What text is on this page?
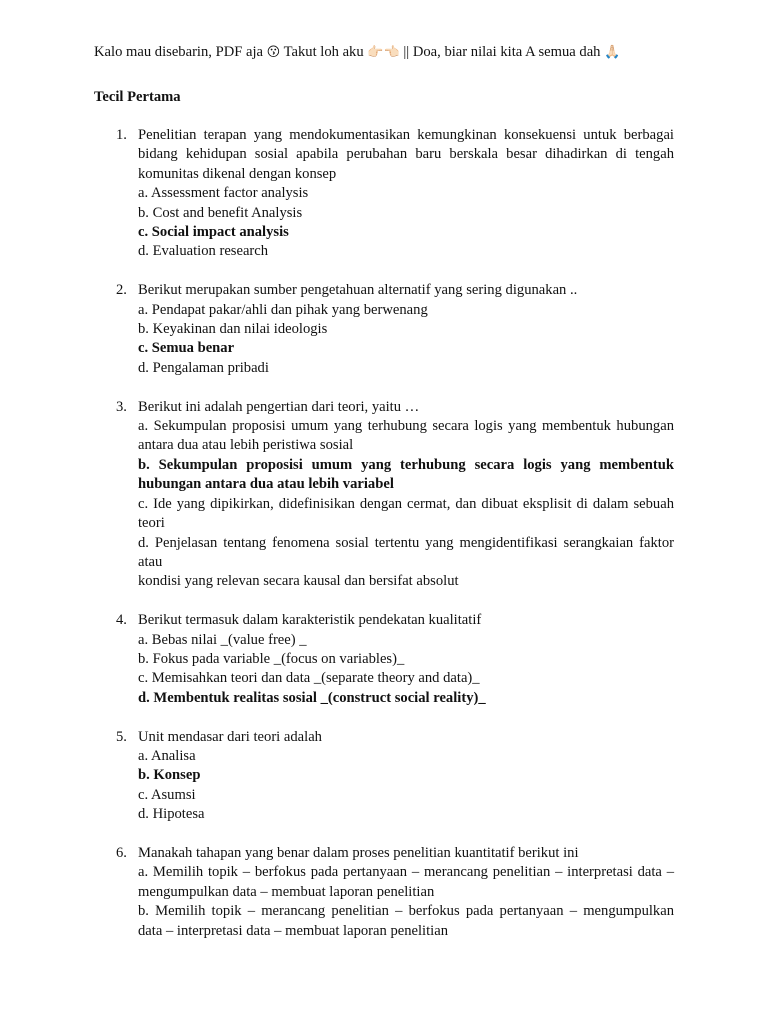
Kalo mau disebarin, PDF aja 😗 Takut loh aku 👉🏻👈🏻 || Doa, biar nilai kita A semua dah 🙏🏻
Tecil Pertama
1. Penelitian terapan yang mendokumentasikan kemungkinan konsekuensi untuk berbagai bidang kehidupan sosial apabila perubahan baru berskala besar dihadirkan di tengah komunitas dikenal dengan konsep
a. Assessment factor analysis
b. Cost and benefit Analysis
c. Social impact analysis
d. Evaluation research
2. Berikut merupakan sumber pengetahuan alternatif yang sering digunakan ..
a. Pendapat pakar/ahli dan pihak yang berwenang
b. Keyakinan dan nilai ideologis
c. Semua benar
d. Pengalaman pribadi
3. Berikut ini adalah pengertian dari teori, yaitu …
a. Sekumpulan proposisi umum yang terhubung secara logis yang membentuk hubungan antara dua atau lebih peristiwa sosial
b. Sekumpulan proposisi umum yang terhubung secara logis yang membentuk hubungan antara dua atau lebih variabel
c. Ide yang dipikirkan, didefinisikan dengan cermat, dan dibuat eksplisit di dalam sebuah teori
d. Penjelasan tentang fenomena sosial tertentu yang mengidentifikasi serangkaian faktor atau
kondisi yang relevan secara kausal dan bersifat absolut
4. Berikut termasuk dalam karakteristik pendekatan kualitatif
a. Bebas nilai _(value free) _
b. Fokus pada variable _(focus on variables)_
c. Memisahkan teori dan data _(separate theory and data)_
d. Membentuk realitas sosial _(construct social reality)_
5. Unit mendasar dari teori adalah
a. Analisa
b. Konsep
c. Asumsi
d. Hipotesa
6. Manakah tahapan yang benar dalam proses penelitian kuantitatif berikut ini
a. Memilih topik – berfokus pada pertanyaan – merancang penelitian – interpretasi data – mengumpulkan data – membuat laporan penelitian
b. Memilih topik – merancang penelitian – berfokus pada pertanyaan – mengumpulkan data – interpretasi data – membuat laporan penelitian
